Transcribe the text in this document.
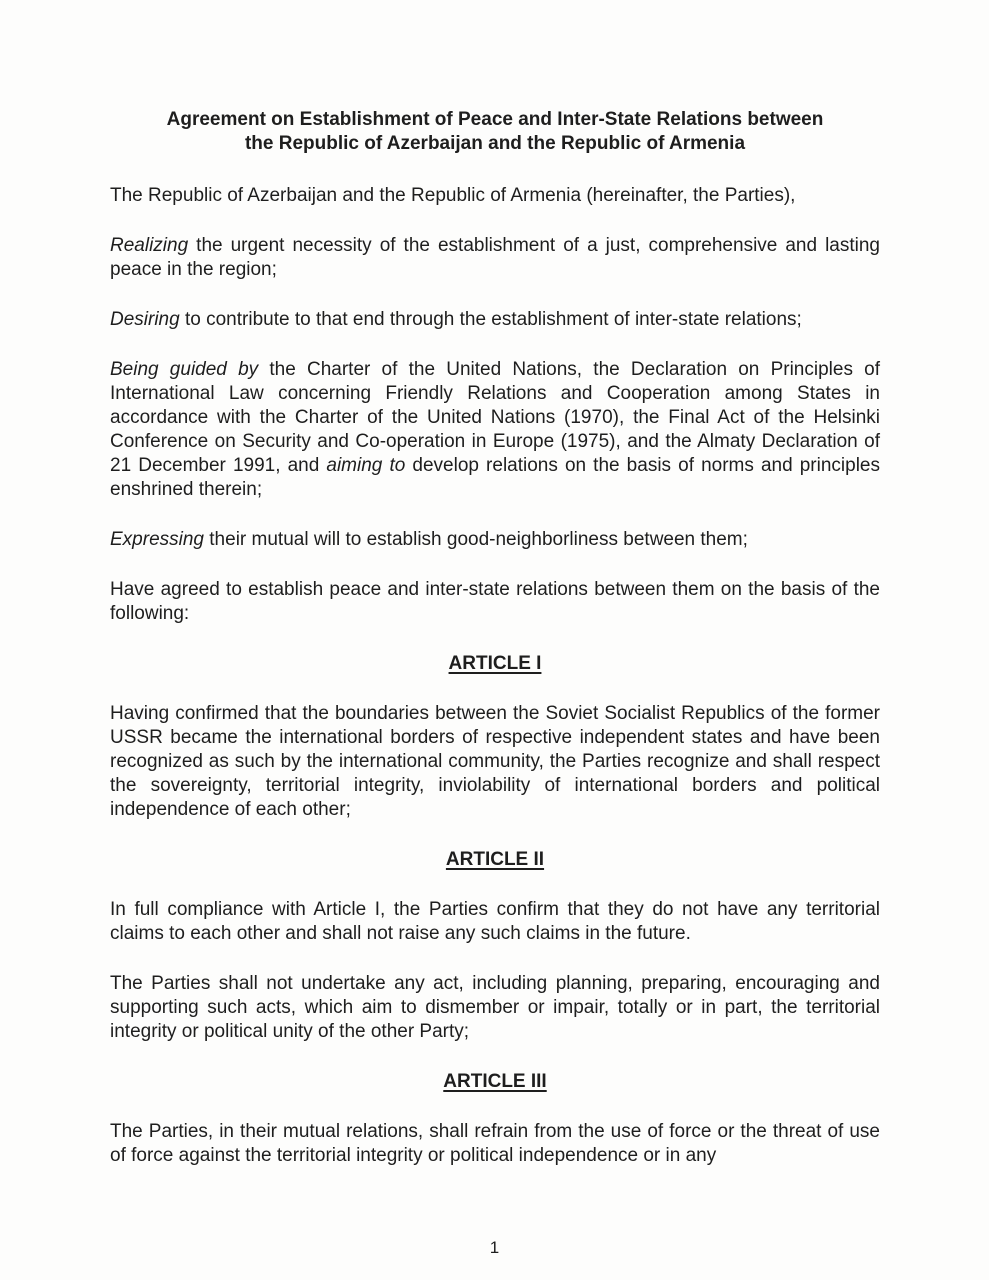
Agreement on Establishment of Peace and Inter-State Relations between
the Republic of Azerbaijan and the Republic of Armenia

The Republic of Azerbaijan and the Republic of Armenia (hereinafter, the Parties),

Realizing the urgent necessity of the establishment of a just, comprehensive and lasting peace in the region;

Desiring to contribute to that end through the establishment of inter-state relations;

Being guided by the Charter of the United Nations, the Declaration on Principles of International Law concerning Friendly Relations and Cooperation among States in accordance with the Charter of the United Nations (1970), the Final Act of the Helsinki Conference on Security and Co-operation in Europe (1975), and the Almaty Declaration of 21 December 1991, and aiming to develop relations on the basis of norms and principles enshrined therein;

Expressing their mutual will to establish good-neighborliness between them;

Have agreed to establish peace and inter-state relations between them on the basis of the following:

ARTICLE I

Having confirmed that the boundaries between the Soviet Socialist Republics of the former USSR became the international borders of respective independent states and have been recognized as such by the international community, the Parties recognize and shall respect the sovereignty, territorial integrity, inviolability of international borders and political independence of each other;

ARTICLE II

In full compliance with Article I, the Parties confirm that they do not have any territorial claims to each other and shall not raise any such claims in the future.

The Parties shall not undertake any act, including planning, preparing, encouraging and supporting such acts, which aim to dismember or impair, totally or in part, the territorial integrity or political unity of the other Party;

ARTICLE III

The Parties, in their mutual relations, shall refrain from the use of force or the threat of use of force against the territorial integrity or political independence or in any

1
